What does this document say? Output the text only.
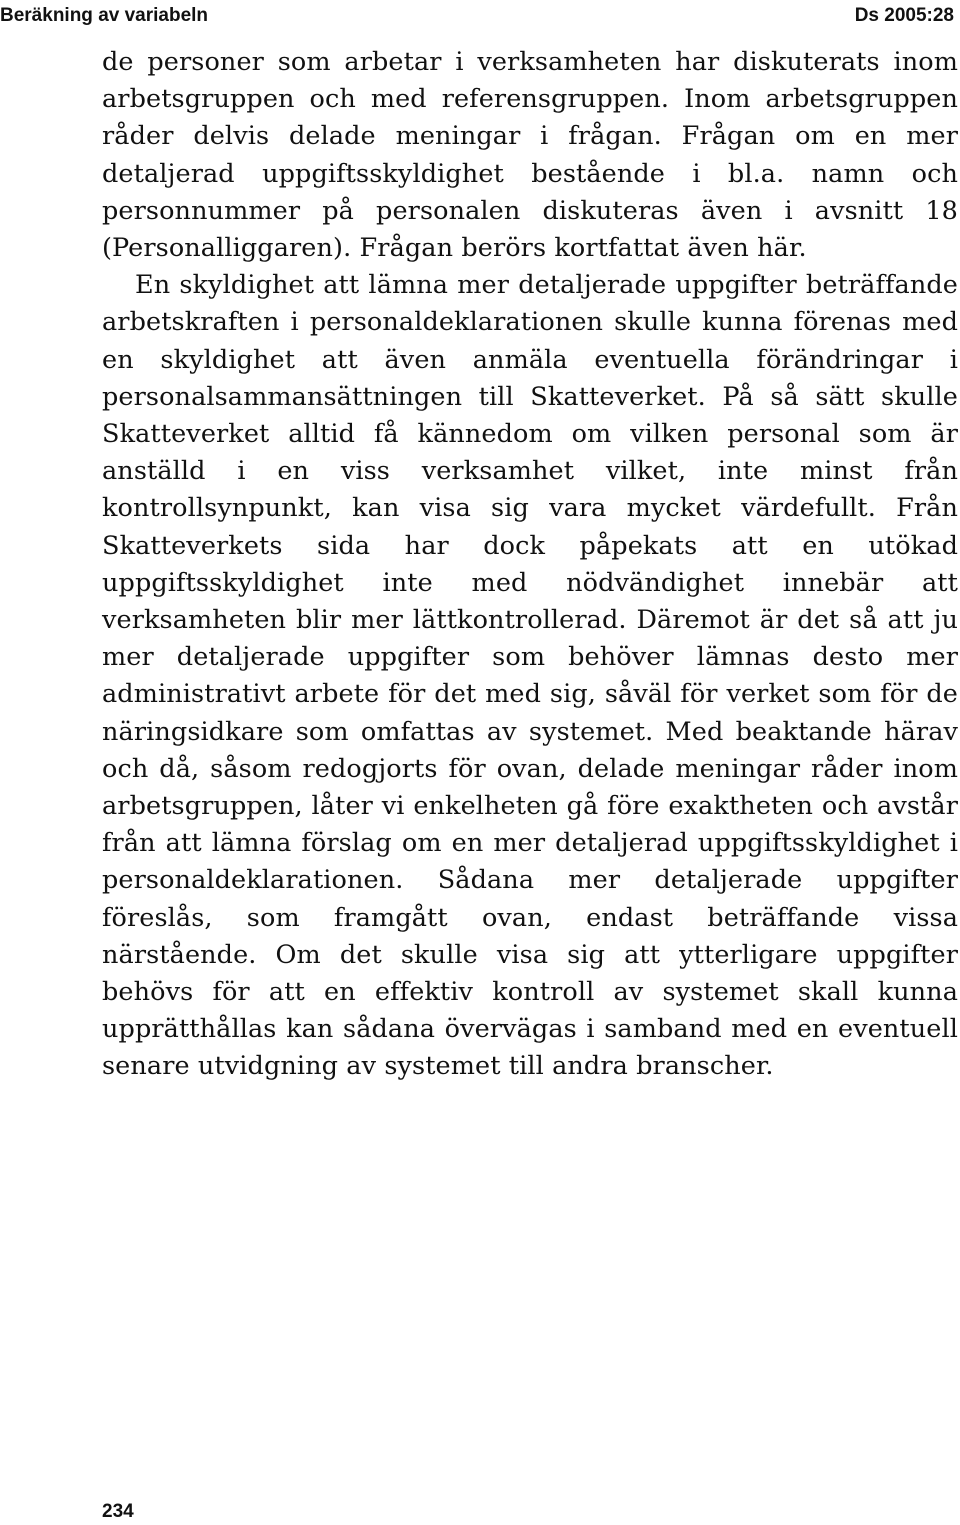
Beräkning av variabeln	Ds 2005:28

de personer som arbetar i verksamheten har diskuterats inom arbetsgruppen och med referensgruppen. Inom arbetsgruppen råder delvis delade meningar i frågan. Frågan om en mer detaljerad uppgiftsskyldighet bestående i bl.a. namn och personnummer på personalen diskuteras även i avsnitt 18 (Personalliggaren). Frågan berörs kortfattat även här.

En skyldighet att lämna mer detaljerade uppgifter beträffande arbetskraften i personaldeklarationen skulle kunna förenas med en skyldighet att även anmäla eventuella förändringar i personalsammansättningen till Skatteverket. På så sätt skulle Skatteverket alltid få kännedom om vilken personal som är anställd i en viss verksamhet vilket, inte minst från kontrollsynpunkt, kan visa sig vara mycket värdefullt. Från Skatteverkets sida har dock påpekats att en utökad uppgiftsskyldighet inte med nödvändighet innebär att verksamheten blir mer lättkontrollerad. Däremot är det så att ju mer detaljerade uppgifter som behöver lämnas desto mer administrativt arbete för det med sig, såväl för verket som för de näringsidkare som omfattas av systemet. Med beaktande härav och då, såsom redogjorts för ovan, delade meningar råder inom arbetsgruppen, låter vi enkelheten gå före exaktheten och avstår från att lämna förslag om en mer detaljerad uppgiftsskyldighet i personaldeklarationen. Sådana mer detaljerade uppgifter föreslås, som framgått ovan, endast beträffande vissa närstående. Om det skulle visa sig att ytterligare uppgifter behövs för att en effektiv kontroll av systemet skall kunna upprätthållas kan sådana övervägas i samband med en eventuell senare utvidgning av systemet till andra branscher.

234
